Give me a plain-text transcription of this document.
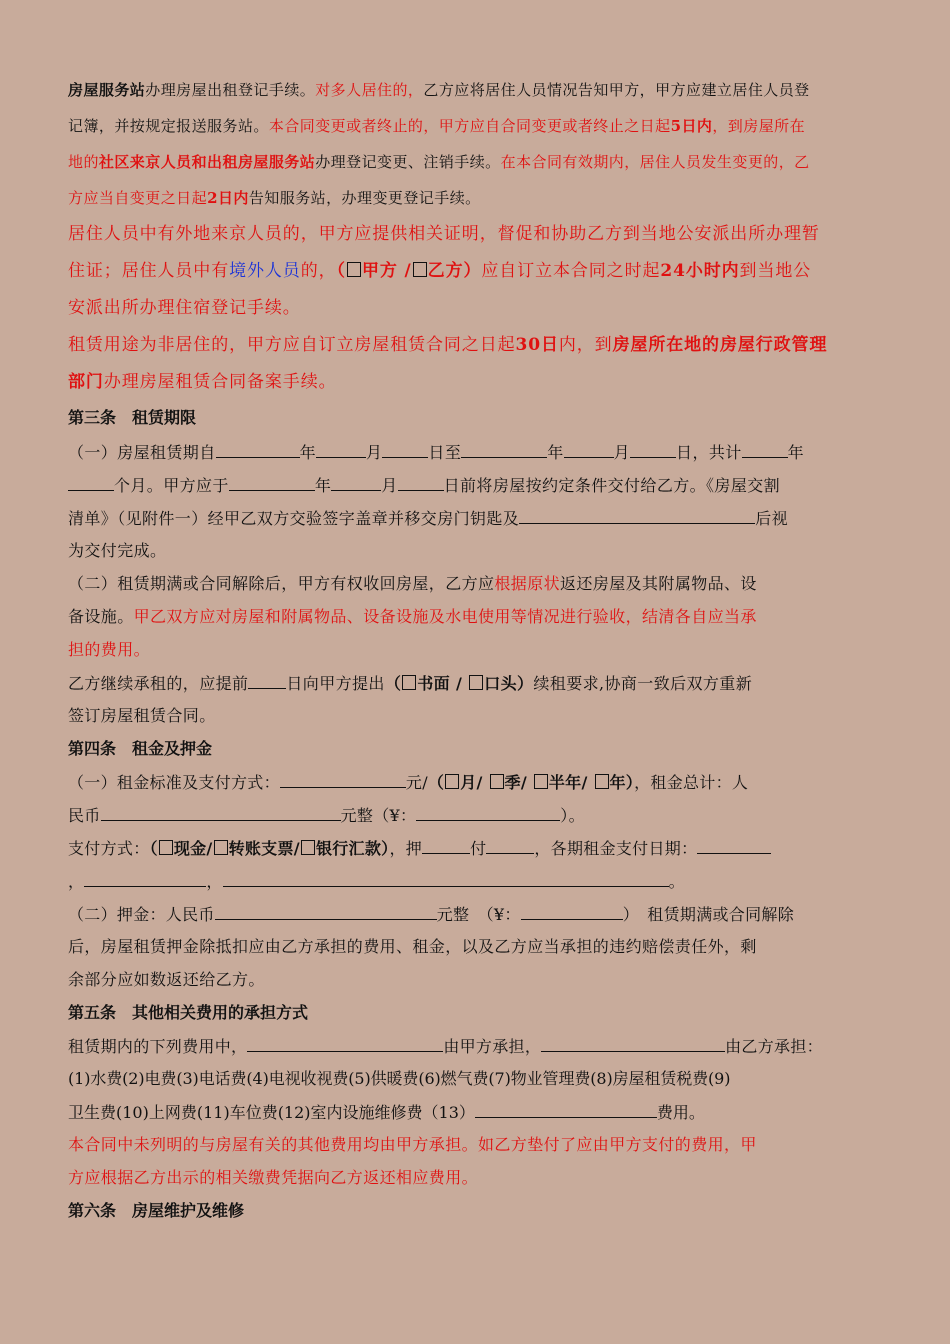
房屋服务站办理房屋出租登记手续。对多人居住的，乙方应将居住人员情况告知甲方，甲方应建立居住人员登
记簿，并按规定报送服务站。本合同变更或者终止的，甲方应自合同变更或者终止之日起5日内，到房屋所在
地的社区来京人员和出租房屋服务站办理登记变更、注销手续。在本合同有效期内，居住人员发生变更的，乙
方应当自变更之日起2日内告知服务站，办理变更登记手续。
居住人员中有外地来京人员的，甲方应提供相关证明，督促和协助乙方到当地公安派出所办理暂
住证；居住人员中有境外人员的，（ 甲方 / 乙方）应自订立本合同之时起24小时内到当地公
安派出所办理住宿登记手续。
租赁用途为非居住的，甲方应自订立房屋租赁合同之日起30日内，到房屋所在地的房屋行政管理
部门办理房屋租赁合同备案手续。
第三条　租赁期限
（一）房屋租赁期自	年	月	日至	年	月	日，共计	年
个月。甲方应于	年	月	日前将房屋按约定条件交付给乙方。《房屋交割
清单》（见附件一）经甲乙双方交验签字盖章并移交房门钥匙及	后视
为交付完成。
（二）租赁期满或合同解除后，甲方有权收回房屋，乙方应根据原状返还房屋及其附属物品、设
备设施。甲乙双方应对房屋和附属物品、设备设施及水电使用等情况进行验收，结清各自应当承
担的费用。
乙方继续承租的，应提前 日向甲方提出（ 书面 / 口头）续租要求,协商一致后双方重新
签订房屋租赁合同。
第四条　租金及押金
（一）租金标准及支付方式：	元/（ 月/ 季/ 半年/ 年），租金总计：人
民币	元整（¥：	）。
支付方式：（ 现金/ 转账支票/ 银行汇款），押	付	，各期租金支付日期：
，	，	。
（二）押金：人民币	元整　（¥：	）　租赁期满或合同解除
后，房屋租赁押金除抵扣应由乙方承担的费用、租金，以及乙方应当承担的违约赔偿责任外，剩
余部分应如数返还给乙方。
第五条　其他相关费用的承担方式
租赁期内的下列费用中，	由甲方承担，	由乙方承担：
(1)水费(2)电费(3)电话费(4)电视收视费(5)供暖费(6)燃气费(7)物业管理费(8)房屋租赁税费(9)
卫生费(10)上网费(11)车位费(12)室内设施维修费（13）	费用。
本合同中未列明的与房屋有关的其他费用均由甲方承担。如乙方垫付了应由甲方支付的费用，甲
方应根据乙方出示的相关缴费凭据向乙方返还相应费用。
第六条　房屋维护及维修
